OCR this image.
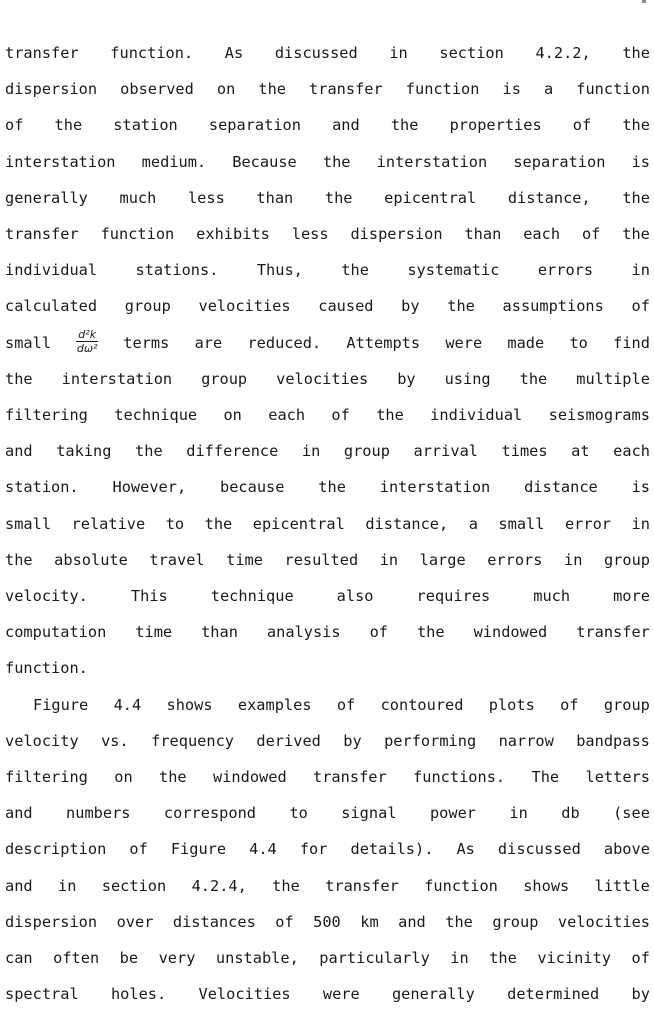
transfer function. As discussed in section 4.2.2, the
dispersion observed on the transfer function is a function
of the station separation and the properties of the
interstation medium. Because the interstation separation is
generally much less than the epicentral distance, the
transfer function exhibits less dispersion than each of the
individual	stations.	Thus,	the	systematic	errors	in
calculated group velocities caused by the assumptions of
small $\frac{\text{d²k}}{\text{dω²}}$ terms are reduced. Attempts were made to find
the interstation group velocities by using the multiple
filtering technique on each of the individual seismograms
and taking the difference in group arrival times at each
station. However, because the interstation distance is
small relative to the epicentral distance, a small error in
the absolute travel time resulted in large errors in group
velocity.	This	technique	also	requires	much	more
computation time than analysis of the windowed transfer
function.
Figure 4.4 shows examples of contoured plots of group
velocity vs. frequency derived by performing narrow bandpass
filtering on the windowed transfer functions. The letters
and numbers correspond to signal power in db (see
description of Figure 4.4 for details). As discussed above
and in section 4.2.4, the transfer function shows little
dispersion over distances of 500 km and the group velocities
can often be very unstable, particularly in the vicinity of
spectral holes. Velocities were generally determined by
